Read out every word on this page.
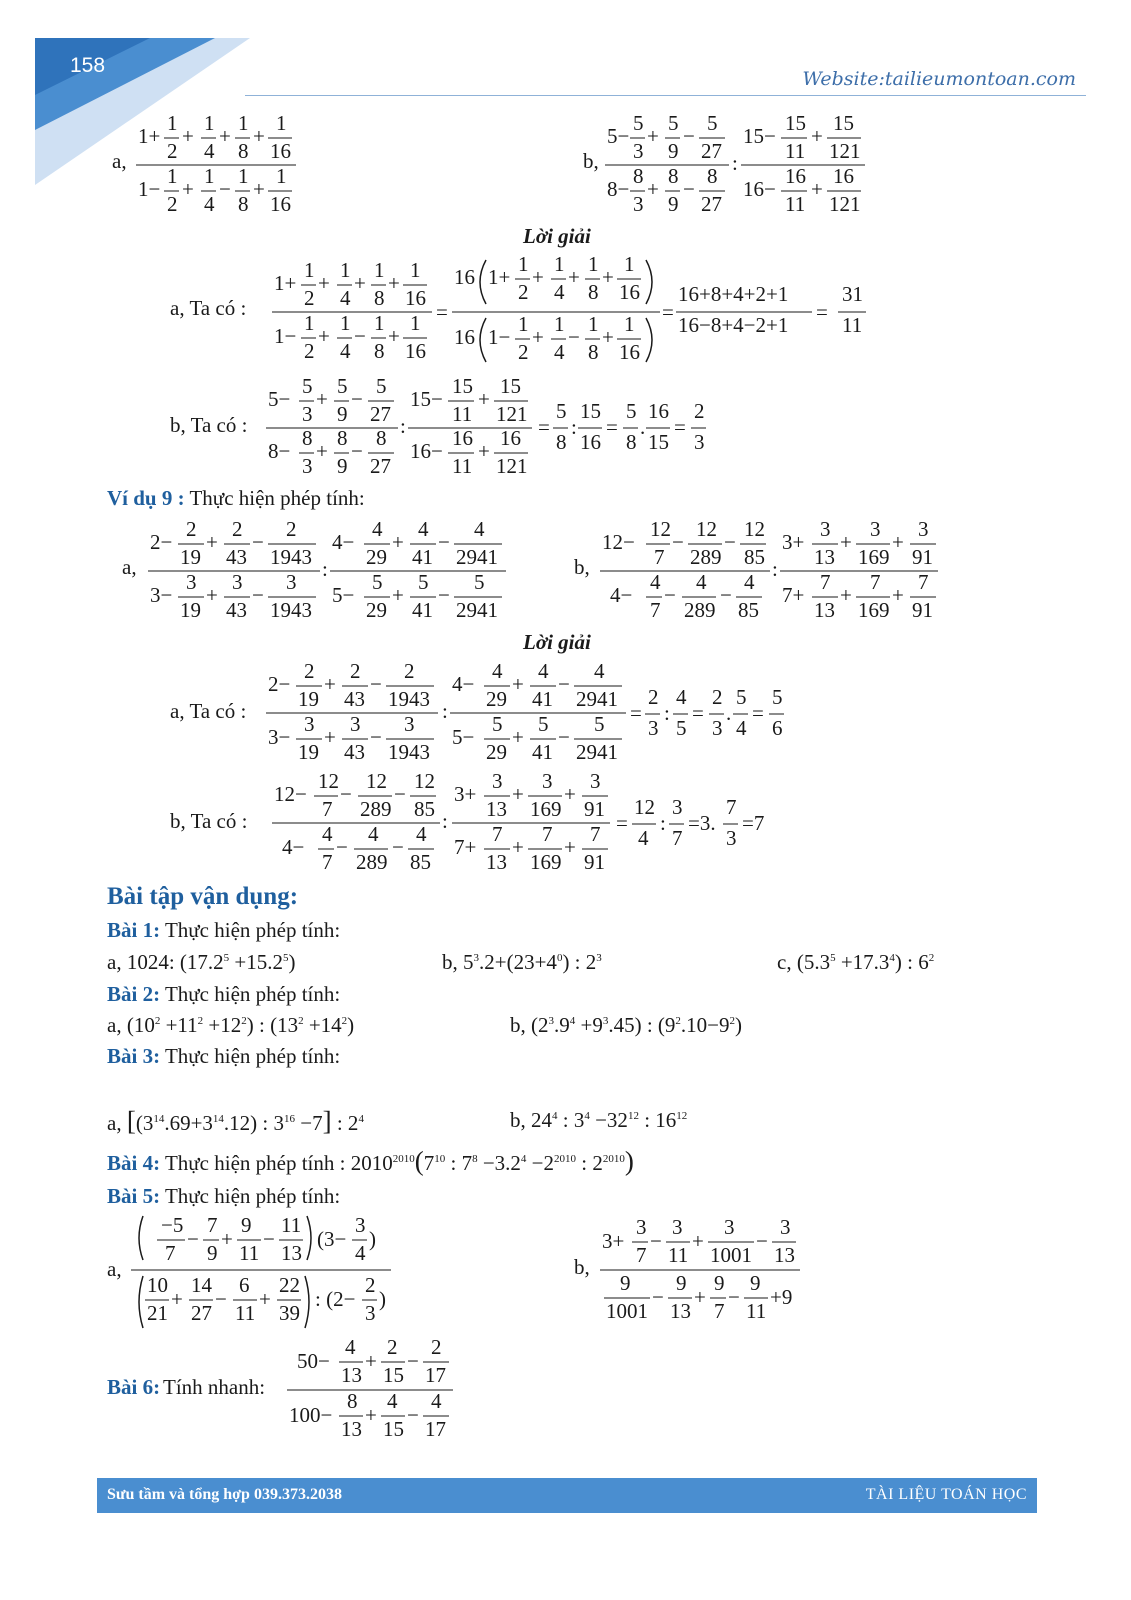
158
Website:tailieumontoan.com
a,
1+
1
2
+
1
4
+
1
8
+
1
16
1−
1
2
+
1
4
−
1
8
+
1
16
b,
5−
5
3
+
5
9
−
5
27
8−
8
3
+
8
9
−
8
27
:
15−
15
11
+
15
121
16−
16
11
+
16
121
Lời giải
a, Ta có :
1+
1
2
+
1
4
+
1
8
+
1
16
1−
1
2
+
1
4
−
1
8
+
1
16
=
16 1+
1
2
+
1
4
+
1
8
+
1
16
16 1−
1
2
+
1
4
−
1
8
+
1
16
=
16+8+4+2+1
16−8+4−2+1
=
31
11
b, Ta có :
5−
5
3
+
5
9
−
5
27
8−
8
3
+
8
9
−
8
27
:
15−
15
11
+
15
121
16−
16
11
+
16
121
=
5
8
:
15
16
=
5
8
.
16
15
=
2
3
Ví dụ 9 : Thực hiện phép tính:
a,
2−
2
19
+
2
43
−
2
1943
3−
3
19
+
3
43
−
3
1943
:
4−
4
29
+
4
41
−
4
2941
5−
5
29
+
5
41
−
5
2941
b,
12−
12
7
−
12
289
−
12
85
4−
4
7
−
4
289
−
4
85
:
3+
3
13
+
3
169
+
3
91
7+
7
13
+
7
169
+
7
91
Lời giải
a, Ta có :
2−
2
19
+
2
43
−
2
1943
3−
3
19
+
3
43
−
3
1943
:
4−
4
29
+
4
41
−
4
2941
5−
5
29
+
5
41
−
5
2941
=
2
3
:
4
5
=
2
3
.
5
4
=
5
6
b, Ta có :
12−
12
7
−
12
289
−
12
85
4−
4
7
−
4
289
−
4
85
:
3+
3
13
+
3
169
+
3
91
7+
7
13
+
7
169
+
7
91
=
12
4
:
3
7
=3.
7
3
=7
Bài tập vận dụng:
Bài 1: Thực hiện phép tính:
a, 1024: $(17.2^5 +15.2^5)$	b, $5^3.2+(23+4^0)$ : $2^3$	c, $(5.3^5 +17.3^4)$ : $6^2$
Bài 2: Thực hiện phép tính:
a, $(10^2 +11^2 +12^2)$ : $(13^2 +14^2)$	b, $(2^3.9^4 +9^3.45)$ : $(9^2.10-9^2)$
Bài 3: Thực hiện phép tính:
a, [$(3^{14}.69+3^{14}.12)$ : $3^{16} -7$] : $2^4$	b, $24^4$ : $3^4 -32^{12}$ : $16^{12}$
Bài 4: Thực hiện phép tính : $2010^{2010}(7^{10}$ : $7^8 -3.2^4 -2^{2010}$ : $2^{2010}$)
Bài 5: Thực hiện phép tính:
a,
−5
7
−
7
9
+
9
11
−
11
13
(3−
3
4
)
10
21
+
14
27
−
6
11
+
22
39
: (2−
2
3
)
b,
3+
3
7
−
3
11
+
3
1001
−
3
13
9
1001
−
9
13
+
9
7
−
9
11
+9
Bài 6: Tính nhanh:
50−
4
13
+
2
15
−
2
17
100−
8
13
+
4
15
−
4
17
Sưu tầm và tổng hợp 039.373.2038	TÀI LIỆU TOÁN HỌC
